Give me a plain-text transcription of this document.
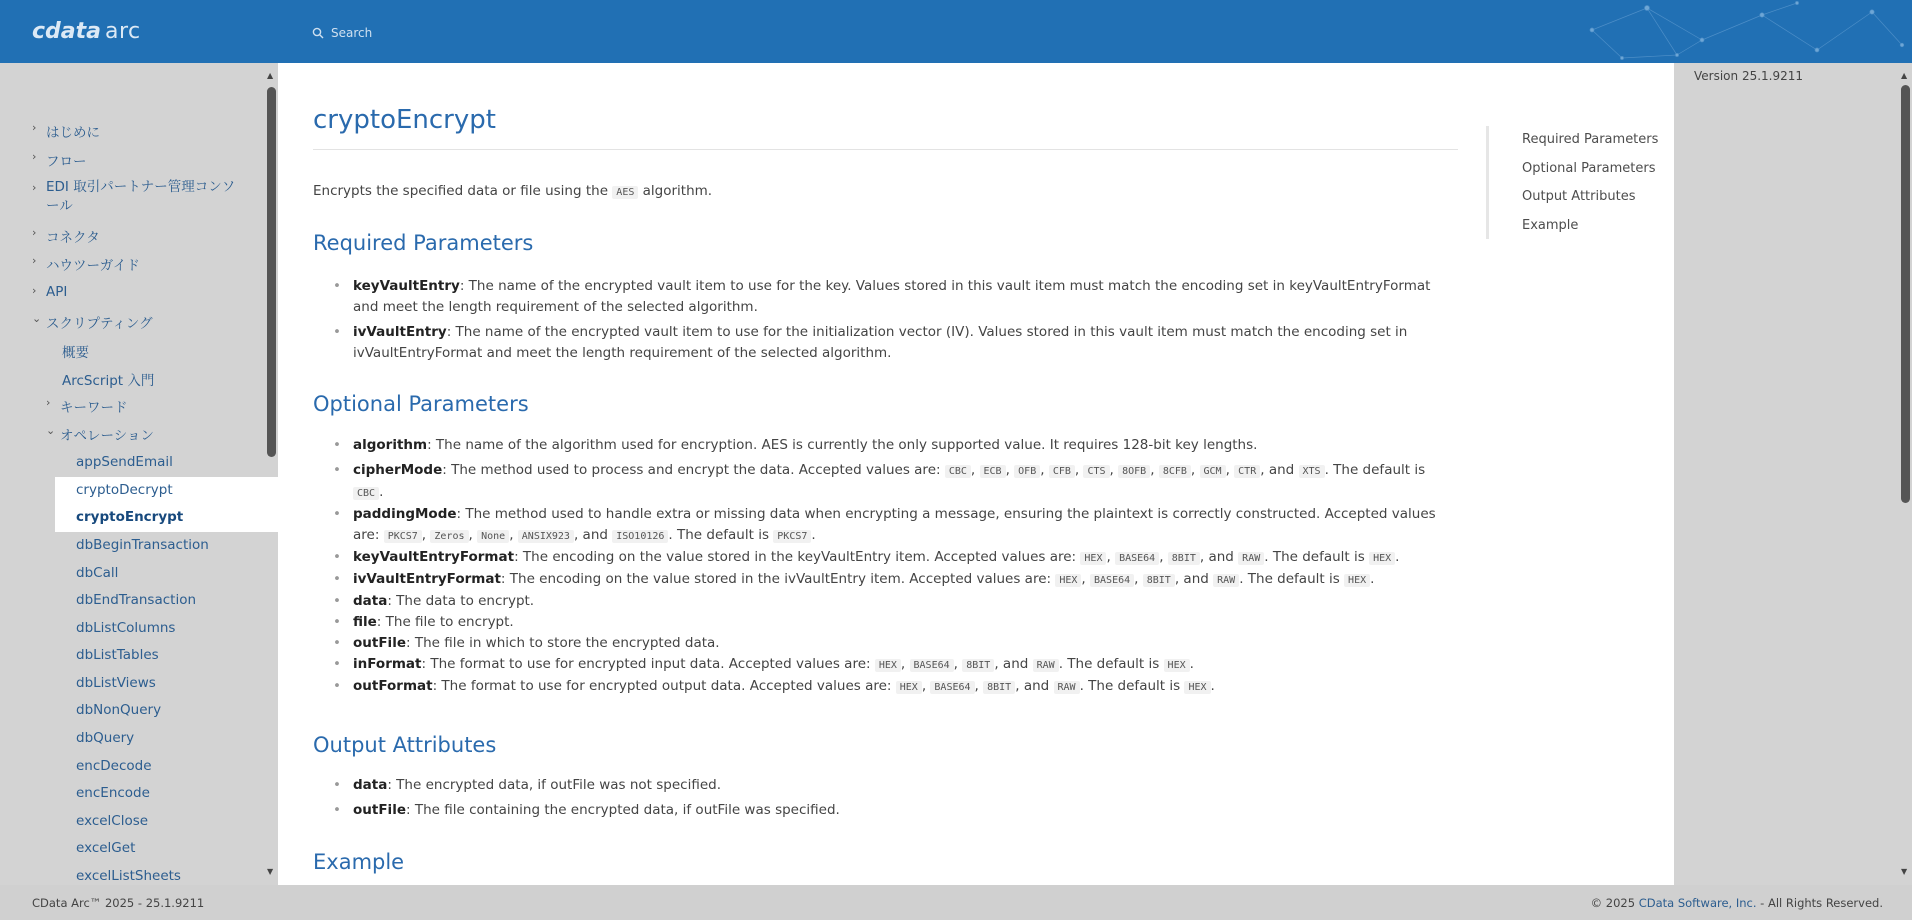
cdata arc	Search
› はじめに
› フロー
› EDI 取引パートナー管理コンソール
› コネクタ
› ハウツーガイド
› API
⌄ スクリプティング
概要
ArcScript 入門
› キーワード
⌄ オペレーション
appSendEmail
cryptoDecrypt
cryptoEncrypt
dbBeginTransaction
dbCall
dbEndTransaction
dbListColumns
dbListTables
dbListViews
dbNonQuery
dbQuery
encDecode
encEncode
excelClose
excelGet
excelListSheets
▲
▼
cryptoEncrypt

Encrypts the specified data or file using the AES algorithm.

Required Parameters
• keyVaultEntry: The name of the encrypted vault item to use for the key. Values stored in this vault item must match the encoding set in keyVaultEntryFormat and meet the length requirement of the selected algorithm.
• ivVaultEntry: The name of the encrypted vault item to use for the initialization vector (IV). Values stored in this vault item must match the encoding set in ivVaultEntryFormat and meet the length requirement of the selected algorithm.
Optional Parameters
• algorithm: The name of the algorithm used for encryption. AES is currently the only supported value. It requires 128-bit key lengths.
• cipherMode: The method used to process and encrypt the data. Accepted values are: CBC , ECB , OFB , CFB , CTS , 8OFB , 8CFB , GCM , CTR , and XTS . The default is CBC .
• paddingMode: The method used to handle extra or missing data when encrypting a message, ensuring the plaintext is correctly constructed. Accepted values are: PKCS7 , Zeros , None , ANSIX923 , and ISO10126 . The default is PKCS7 .
• keyVaultEntryFormat: The encoding on the value stored in the keyVaultEntry item. Accepted values are: HEX , BASE64 , 8BIT , and RAW . The default is HEX .
• ivVaultEntryFormat: The encoding on the value stored in the ivVaultEntry item. Accepted values are: HEX , BASE64 , 8BIT , and RAW . The default is HEX .
• data: The data to encrypt.
• file: The file to encrypt.
• outFile: The file in which to store the encrypted data.
• inFormat: The format to use for encrypted input data. Accepted values are: HEX , BASE64 , 8BIT , and RAW . The default is HEX .
• outFormat: The format to use for encrypted output data. Accepted values are: HEX , BASE64 , 8BIT , and RAW . The default is HEX .
Output Attributes
• data: The encrypted data, if outFile was not specified.
• outFile: The file containing the encrypted data, if outFile was specified.
Example
Required Parameters
Optional Parameters
Output Attributes
Example
Version 25.1.9211	▲
▼
CData Arc™ 2025 - 25.1.9211	© 2025 CData Software, Inc. - All Rights Reserved.
